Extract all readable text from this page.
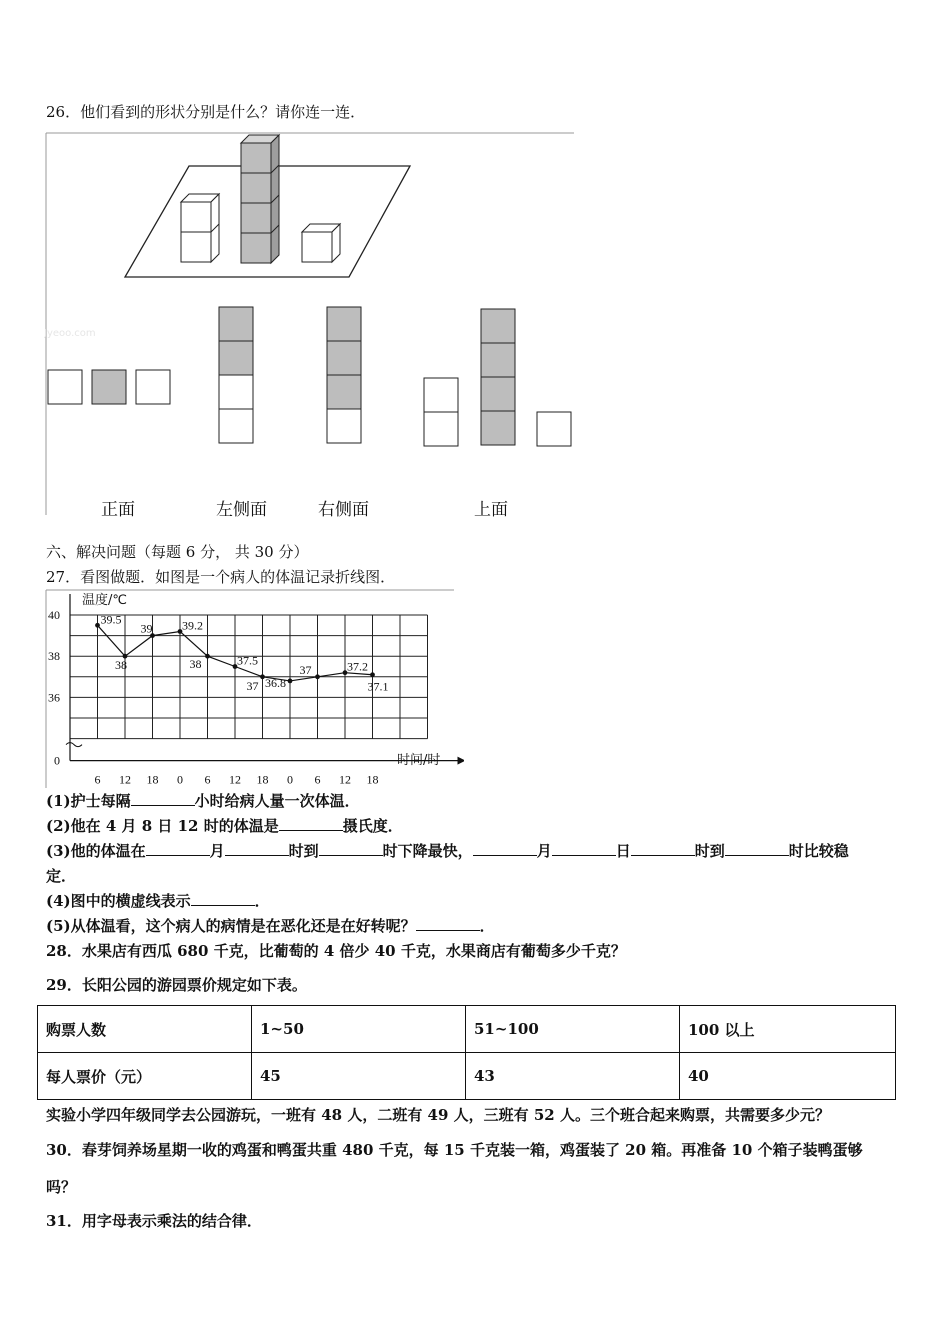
26．他们看到的形状分别是什么？请你连一连．
Jyeoo.com
正面	左侧面	右侧面	上面
六、解决问题（每题 6 分， 共 30 分）
27．看图做题．如图是一个病人的体温记录折线图．
40
38
36
0
6 12 18 0 6 12 18 0 6 12 18
39.5
38
39 39.2
38	37.5
37 36.8
37	37.2
37.1
温度/℃
时间/时
(1)护士每隔	小时给病人量一次体温．
(2)他在 4 月 8 日 12 时的体温是	摄氏度．
(3)他的体温在	月	时到	时下降最快，	月	日	时到	时比较稳
定．
(4)图中的横虚线表示	．
(5)从体温看，这个病人的病情是在恶化还是在好转呢？	．
28．水果店有西瓜 680 千克，比葡萄的 4 倍少 40 千克，水果商店有葡萄多少千克？
29．长阳公园的游园票价规定如下表。
购票人数	1~50	51~100	100 以上
每人票价（元）	45	43	40
实验小学四年级同学去公园游玩，一班有 48 人，二班有 49 人，三班有 52 人。三个班合起来购票，共需要多少元？
30．春芽饲养场星期一收的鸡蛋和鸭蛋共重 480 千克，每 15 千克装一箱，鸡蛋装了 20 箱。再准备 10 个箱子装鸭蛋够
吗？
31．用字母表示乘法的结合律．
